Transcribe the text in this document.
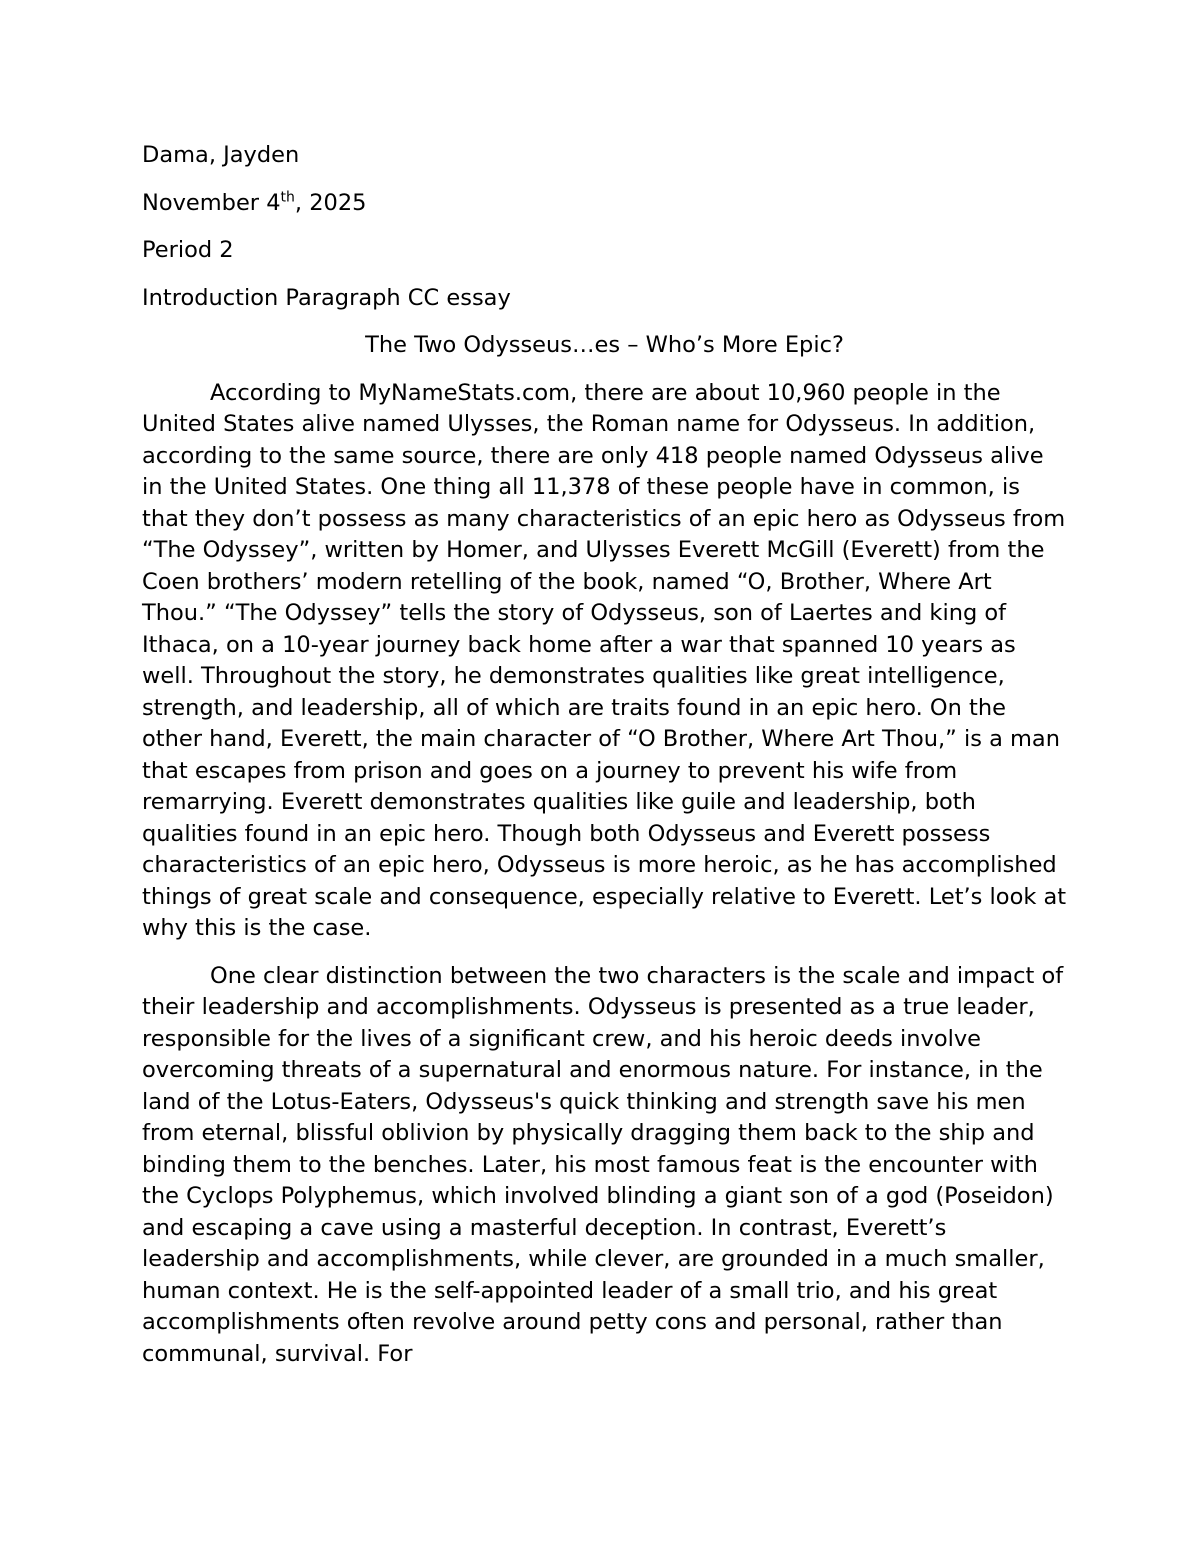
Dama, Jayden

November 4th, 2025

Period 2

Introduction Paragraph CC essay

The Two Odysseus…es – Who’s More Epic?

According to MyNameStats.com, there are about 10,960 people in the United States alive named Ulysses, the Roman name for Odysseus. In addition, according to the same source, there are only 418 people named Odysseus alive in the United States. One thing all 11,378 of these people have in common, is that they don’t possess as many characteristics of an epic hero as Odysseus from “The Odyssey”, written by Homer, and Ulysses Everett McGill (Everett) from the Coen brothers’ modern retelling of the book, named “O, Brother, Where Art Thou.” “The Odyssey” tells the story of Odysseus, son of Laertes and king of Ithaca, on a 10-year journey back home after a war that spanned 10 years as well. Throughout the story, he demonstrates qualities like great intelligence, strength, and leadership, all of which are traits found in an epic hero. On the other hand, Everett, the main character of “O Brother, Where Art Thou,” is a man that escapes from prison and goes on a journey to prevent his wife from remarrying. Everett demonstrates qualities like guile and leadership, both qualities found in an epic hero. Though both Odysseus and Everett possess characteristics of an epic hero, Odysseus is more heroic, as he has accomplished things of great scale and consequence, especially relative to Everett. Let’s look at why this is the case.

One clear distinction between the two characters is the scale and impact of their leadership and accomplishments. Odysseus is presented as a true leader, responsible for the lives of a significant crew, and his heroic deeds involve overcoming threats of a supernatural and enormous nature. For instance, in the land of the Lotus-Eaters, Odysseus's quick thinking and strength save his men from eternal, blissful oblivion by physically dragging them back to the ship and binding them to the benches. Later, his most famous feat is the encounter with the Cyclops Polyphemus, which involved blinding a giant son of a god (Poseidon) and escaping a cave using a masterful deception. In contrast, Everett’s leadership and accomplishments, while clever, are grounded in a much smaller, human context. He is the self-appointed leader of a small trio, and his great accomplishments often revolve around petty cons and personal, rather than communal, survival. For
